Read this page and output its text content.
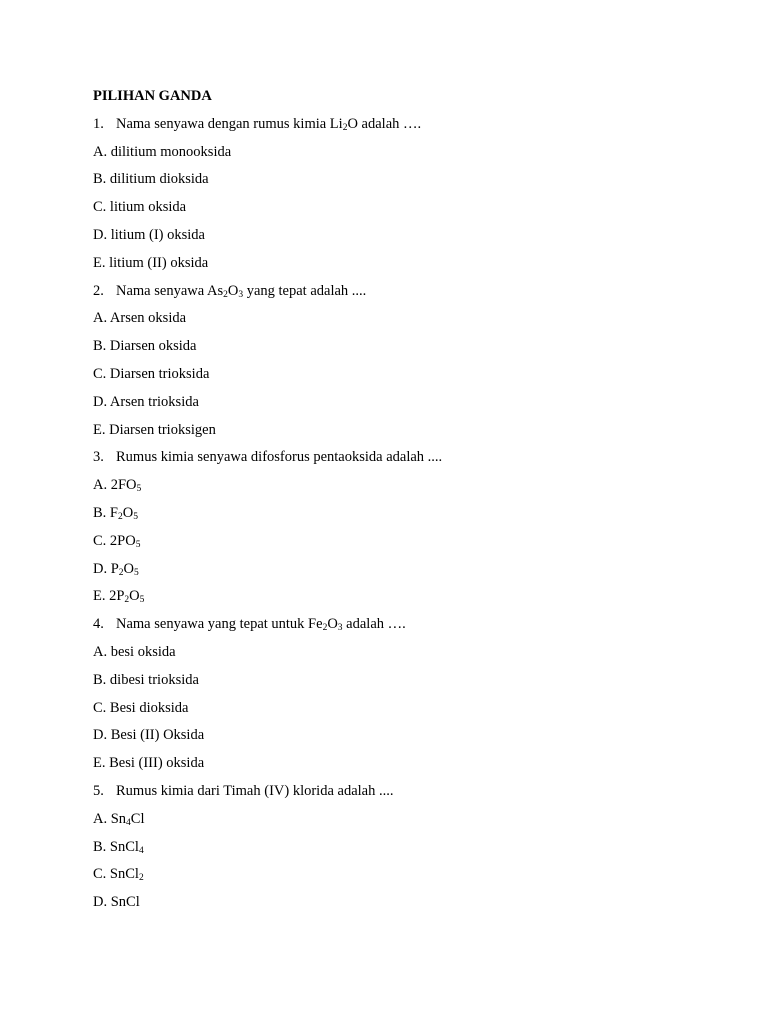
PILIHAN GANDA
1. Nama senyawa dengan rumus kimia $Li_2O$ adalah ….
A. dilitium monooksida
B. dilitium dioksida
C. litium oksida
D. litium (I) oksida
E. litium (II) oksida
2. Nama senyawa $As_2O_3$ yang tepat adalah ....
A. Arsen oksida
B. Diarsen oksida
C. Diarsen trioksida
D. Arsen trioksida
E. Diarsen trioksigen
3. Rumus kimia senyawa difosforus pentaoksida adalah ....
A. $2FO_5$
B. $F_2O_5$
C. $2PO_5$
D. $P_2O_5$
E. $2P_2O_5$
4. Nama senyawa yang tepat untuk $Fe_2O_3$ adalah ….
A. besi oksida
B. dibesi trioksida
C. Besi dioksida
D. Besi (II) Oksida
E. Besi (III) oksida
5. Rumus kimia dari Timah (IV) klorida adalah ....
A. $Sn_4Cl$
B. SnCl$_4$
C. SnCl$_2$
D. SnCl
